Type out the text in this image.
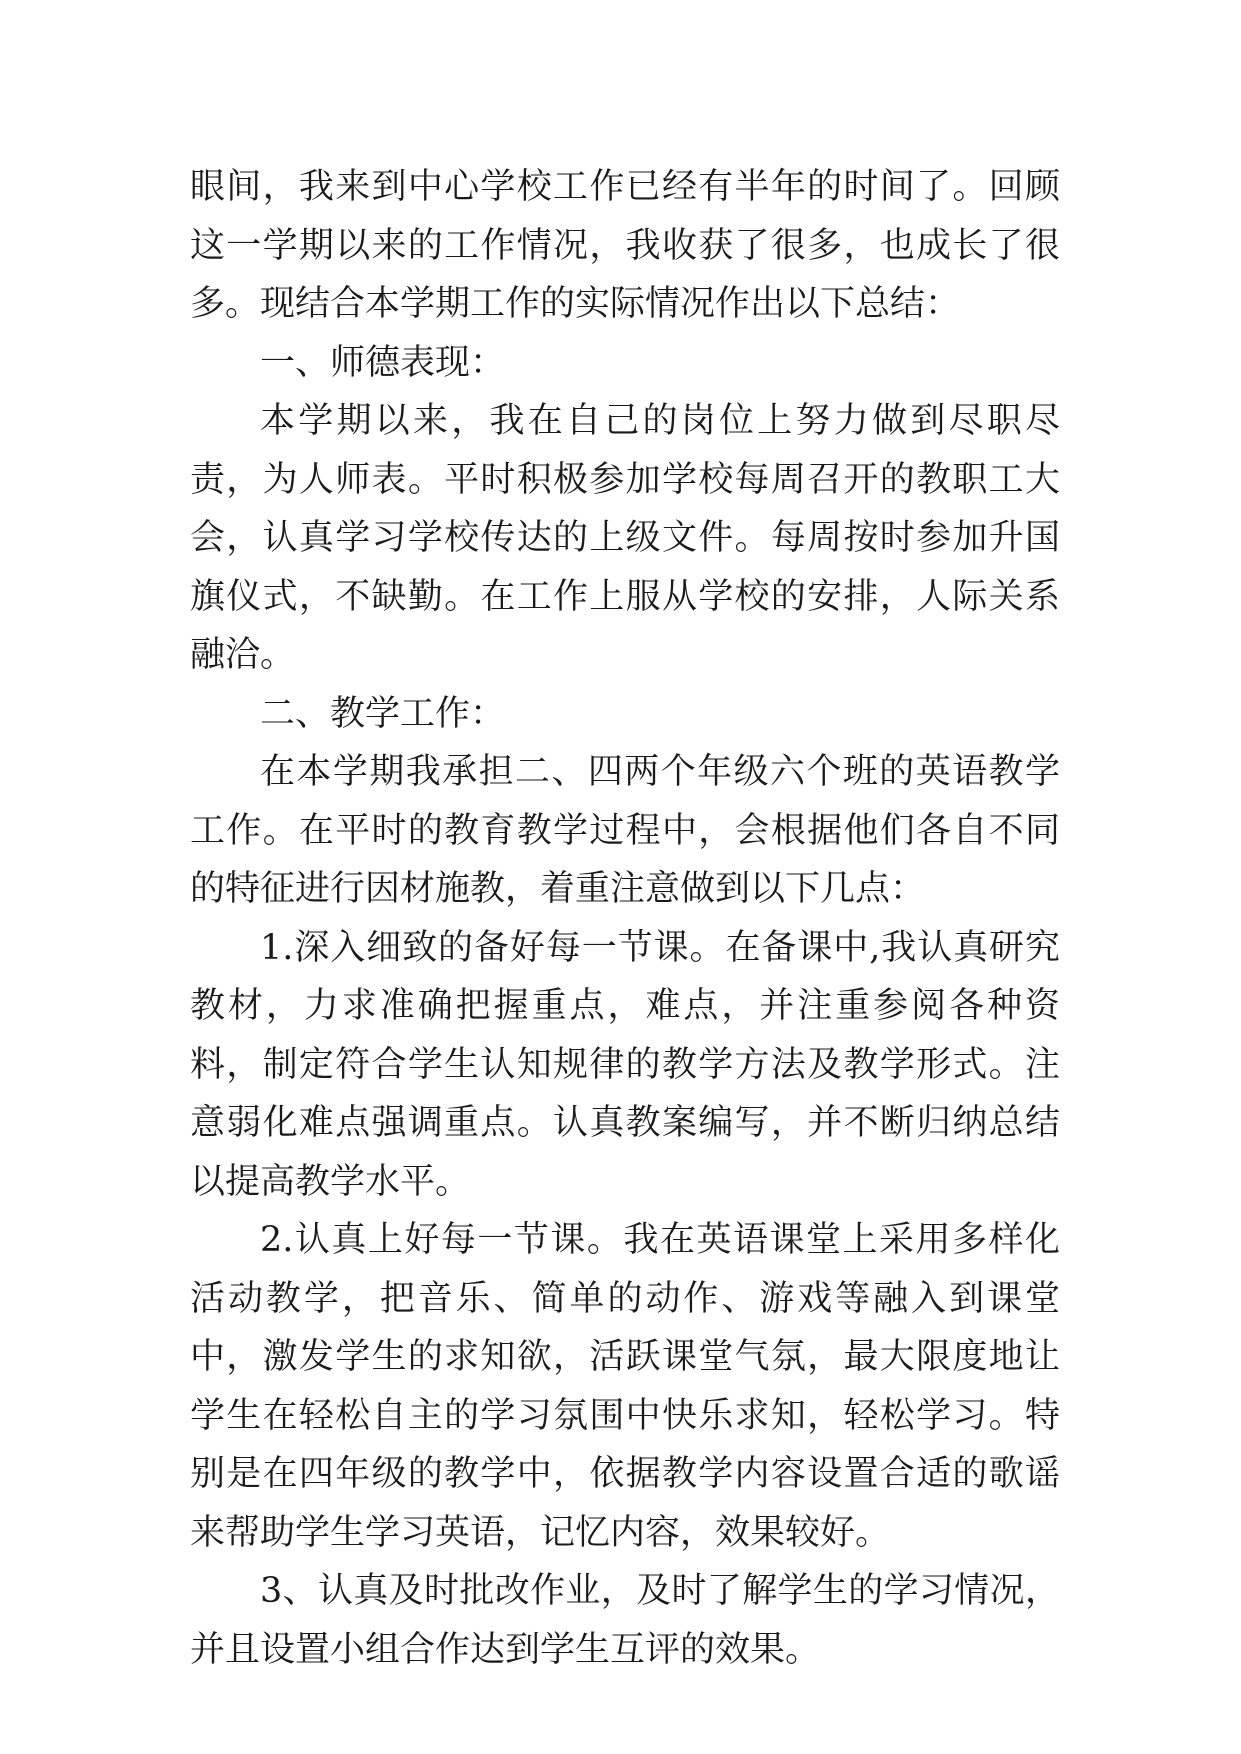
眼间，我来到中心学校工作已经有半年的时间了。回顾这一学期以来的工作情况，我收获了很多，也成长了很多。现结合本学期工作的实际情况作出以下总结：

一、师德表现：

本学期以来，我在自己的岗位上努力做到尽职尽责，为人师表。平时积极参加学校每周召开的教职工大会，认真学习学校传达的上级文件。每周按时参加升国旗仪式，不缺勤。在工作上服从学校的安排，人际关系融洽。

二、教学工作：

在本学期我承担二、四两个年级六个班的英语教学工作。在平时的教育教学过程中，会根据他们各自不同的特征进行因材施教，着重注意做到以下几点：

1.深入细致的备好每一节课。在备课中,我认真研究教材，力求准确把握重点，难点，并注重参阅各种资料，制定符合学生认知规律的教学方法及教学形式。注意弱化难点强调重点。认真教案编写，并不断归纳总结以提高教学水平。

2.认真上好每一节课。我在英语课堂上采用多样化活动教学，把音乐、简单的动作、游戏等融入到课堂中，激发学生的求知欲，活跃课堂气氛，最大限度地让学生在轻松自主的学习氛围中快乐求知，轻松学习。特别是在四年级的教学中，依据教学内容设置合适的歌谣来帮助学生学习英语，记忆内容，效果较好。

3、认真及时批改作业，及时了解学生的学习情况，并且设置小组合作达到学生互评的效果。
